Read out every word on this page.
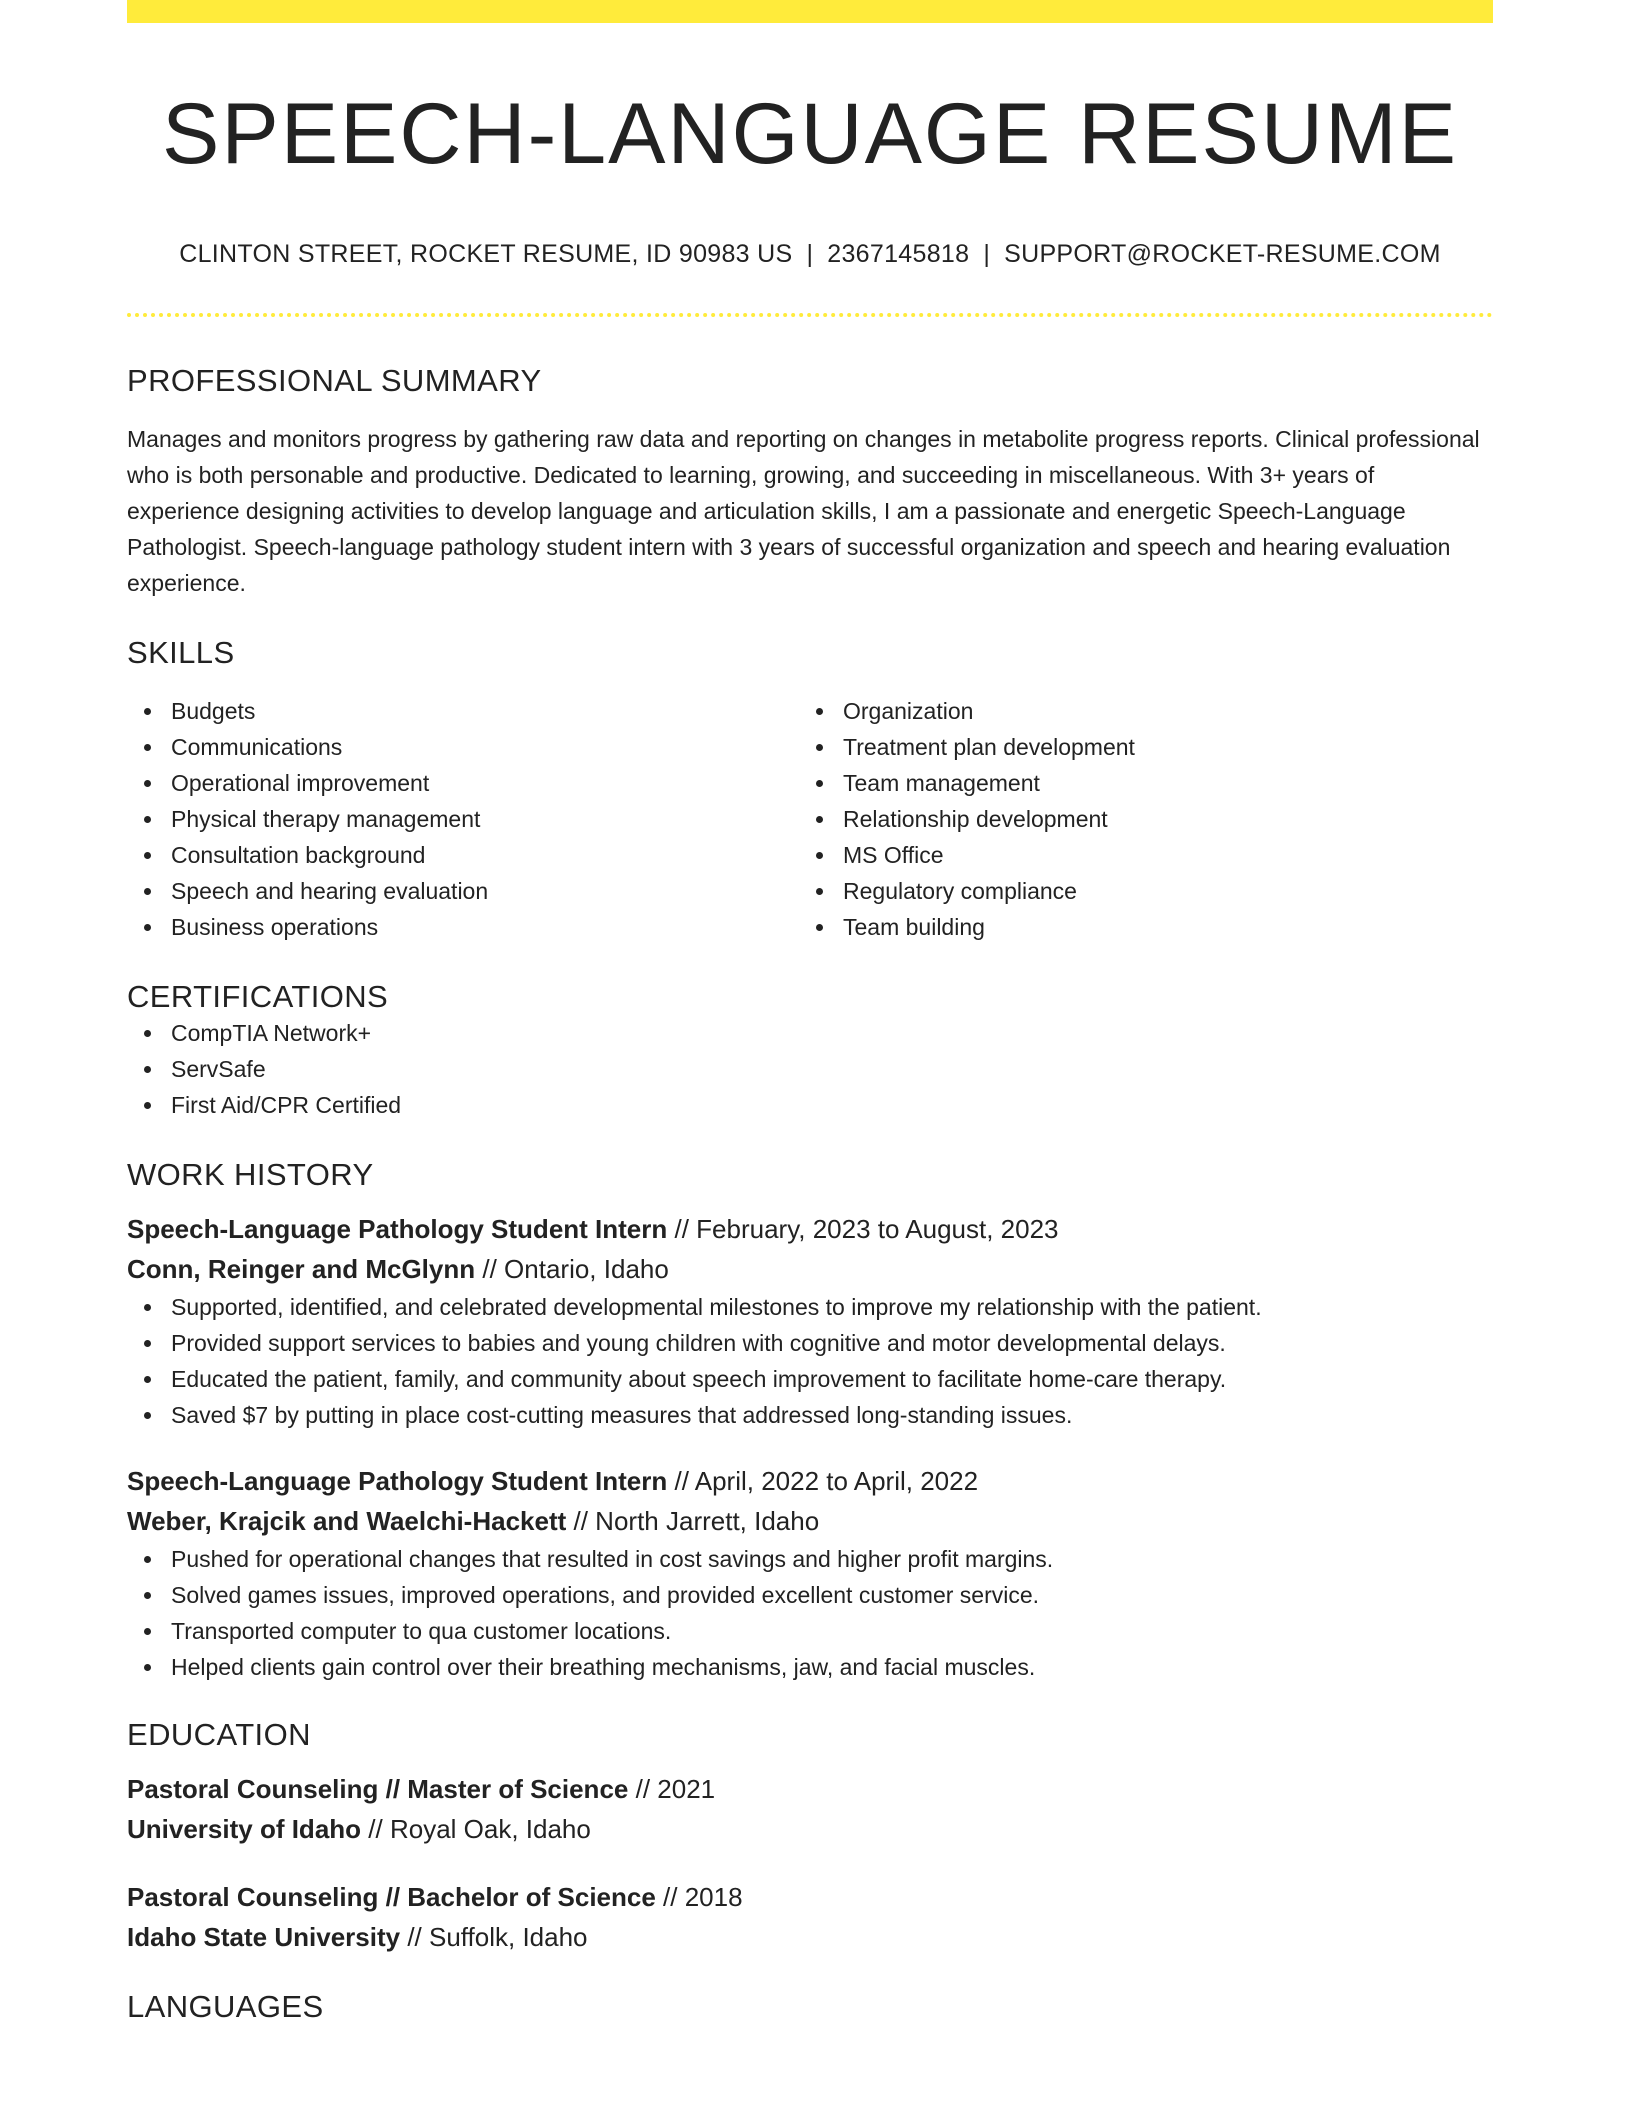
SPEECH-LANGUAGE RESUME
CLINTON STREET, ROCKET RESUME, ID 90983 US | 2367145818 | SUPPORT@ROCKET-RESUME.COM
PROFESSIONAL SUMMARY

Manages and monitors progress by gathering raw data and reporting on changes in metabolite progress reports. Clinical professional who is both personable and productive. Dedicated to learning, growing, and succeeding in miscellaneous. With 3+ years of experience designing activities to develop language and articulation skills, I am a passionate and energetic Speech-Language Pathologist. Speech-language pathology student intern with 3 years of successful organization and speech and hearing evaluation experience.

SKILLS
Budgets
Communications
Operational improvement
Physical therapy management
Consultation background
Speech and hearing evaluation
Business operations
Organization
Treatment plan development
Team management
Relationship development
MS Office
Regulatory compliance
Team building
CERTIFICATIONS
CompTIA Network+
ServSafe
First Aid/CPR Certified
WORK HISTORY
Speech-Language Pathology Student Intern // February, 2023 to August, 2023
Conn, Reinger and McGlynn // Ontario, Idaho
Supported, identified, and celebrated developmental milestones to improve my relationship with the patient.
Provided support services to babies and young children with cognitive and motor developmental delays.
Educated the patient, family, and community about speech improvement to facilitate home-care therapy.
Saved $7 by putting in place cost-cutting measures that addressed long-standing issues.
Speech-Language Pathology Student Intern // April, 2022 to April, 2022
Weber, Krajcik and Waelchi-Hackett // North Jarrett, Idaho
Pushed for operational changes that resulted in cost savings and higher profit margins.
Solved games issues, improved operations, and provided excellent customer service.
Transported computer to qua customer locations.
Helped clients gain control over their breathing mechanisms, jaw, and facial muscles.
EDUCATION
Pastoral Counseling // Master of Science // 2021
University of Idaho // Royal Oak, Idaho
Pastoral Counseling // Bachelor of Science // 2018
Idaho State University // Suffolk, Idaho
LANGUAGES
